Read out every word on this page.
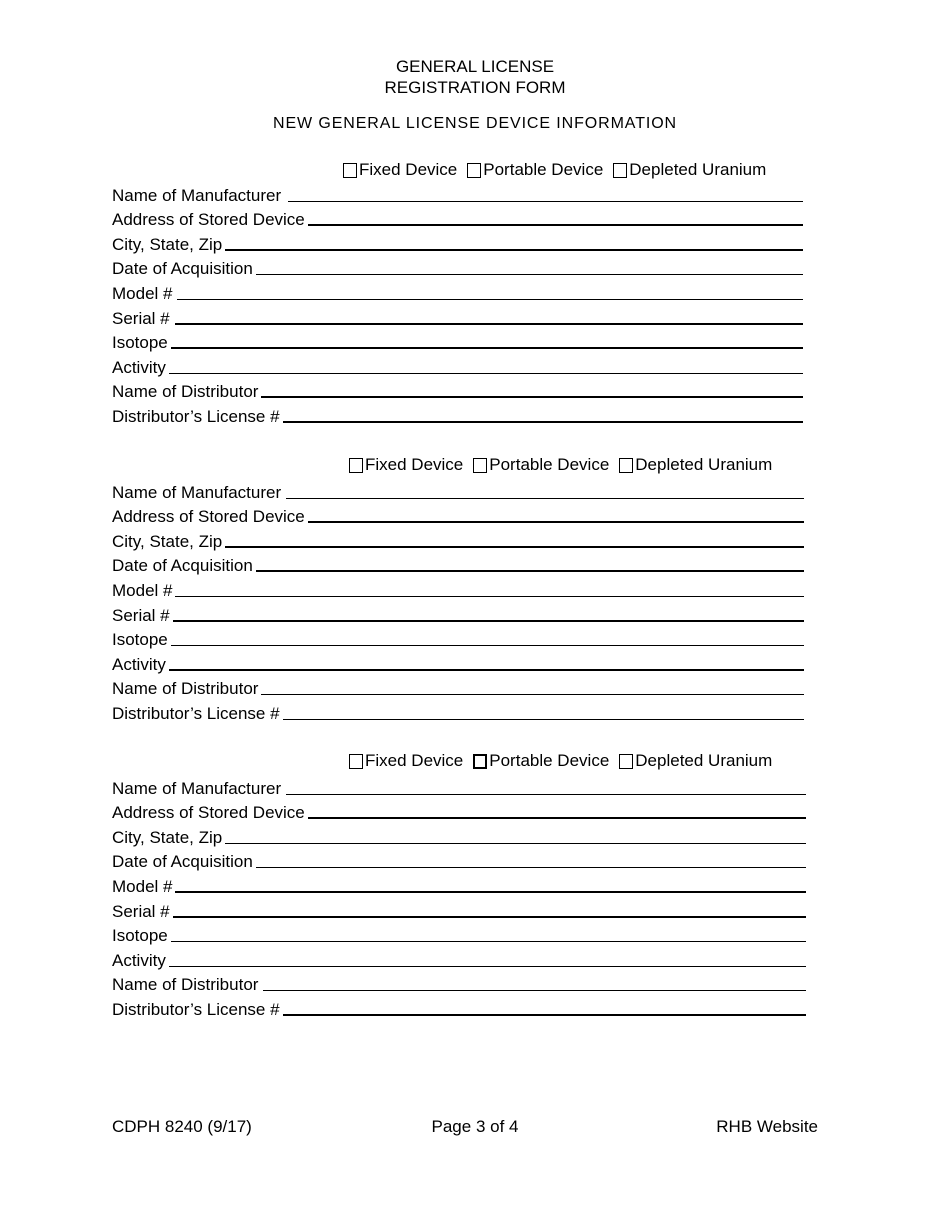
GENERAL LICENSE
REGISTRATION FORM
NEW GENERAL LICENSE DEVICE INFORMATION
Fixed Device Portable Device Depleted Uranium
Name of Manufacturer
Address of Stored Device
City, State, Zip
Date of Acquisition
Model #
Serial #
Isotope
Activity
Name of Distributor
Distributor’s License #
Fixed Device Portable Device Depleted Uranium
Name of Manufacturer
Address of Stored Device
City, State, Zip
Date of Acquisition
Model #
Serial #
Isotope
Activity
Name of Distributor
Distributor’s License #
Fixed Device Portable Device Depleted Uranium
Name of Manufacturer
Address of Stored Device
City, State, Zip
Date of Acquisition
Model #
Serial #
Isotope
Activity
Name of Distributor
Distributor’s License #
CDPH 8240 (9/17)	Page 3 of 4	RHB Website
